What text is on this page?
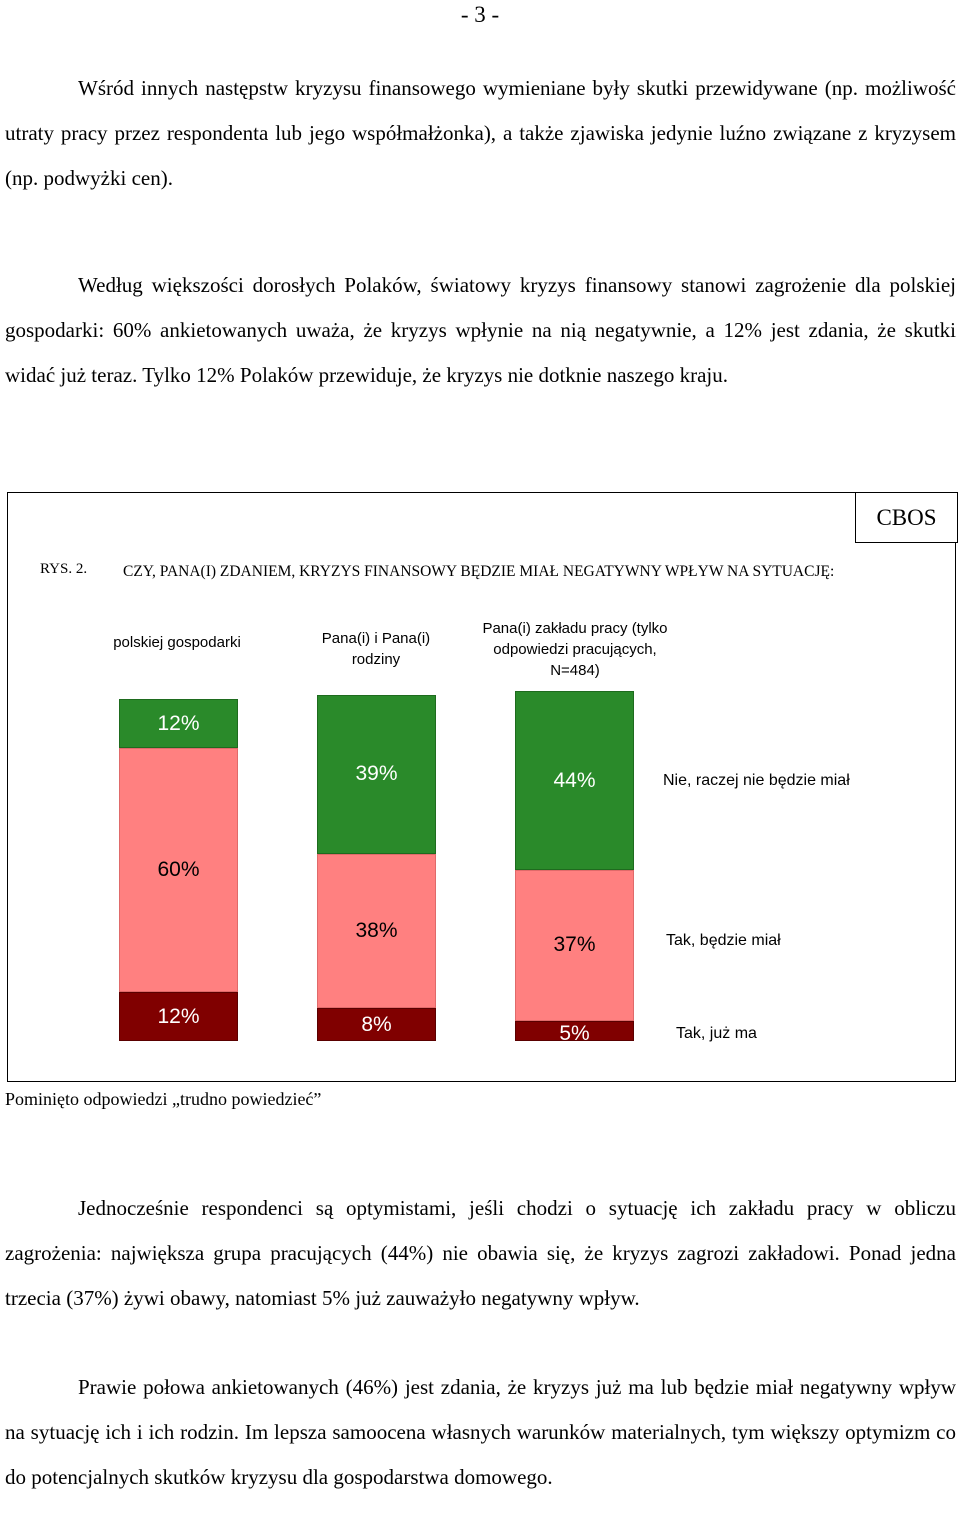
- 3 -

Wśród innych następstw kryzysu finansowego wymieniane były skutki przewidywane (np. możliwość utraty pracy przez respondenta lub jego współmałżonka), a także zjawiska jedynie luźno związane z kryzysem (np. podwyżki cen).

Według większości dorosłych Polaków, światowy kryzys finansowy stanowi zagrożenie dla polskiej gospodarki: 60% ankietowanych uważa, że kryzys wpłynie na nią negatywnie, a 12% jest zdania, że skutki widać już teraz. Tylko 12% Polaków przewiduje, że kryzys nie dotknie naszego kraju.

CBOS
RYS. 2. CZY, PANA(I) ZDANIEM, KRYZYS FINANSOWY BĘDZIE MIAŁ NEGATYWNY WPŁYW NA SYTUACJĘ:
polskiej gospodarki	Pana(i) i Pana(i) rodziny
Pana(i) zakładu pracy (tylko odpowiedzi pracujących, N=484)
12%
60%
12%
8%
38%
39%
5%
37%
44%	Nie, raczej nie będzie miał
Tak, będzie miał
Tak, już ma
Pominięto odpowiedzi „trudno powiedzieć”

Jednocześnie respondenci są optymistami, jeśli chodzi o sytuację ich zakładu pracy w obliczu zagrożenia: największa grupa pracujących (44%) nie obawia się, że kryzys zagrozi zakładowi. Ponad jedna trzecia (37%) żywi obawy, natomiast 5% już zauważyło negatywny wpływ.

Prawie połowa ankietowanych (46%) jest zdania, że kryzys już ma lub będzie miał negatywny wpływ na sytuację ich i ich rodzin. Im lepsza samoocena własnych warunków materialnych, tym większy optymizm co do potencjalnych skutków kryzysu dla gospodarstwa domowego.
